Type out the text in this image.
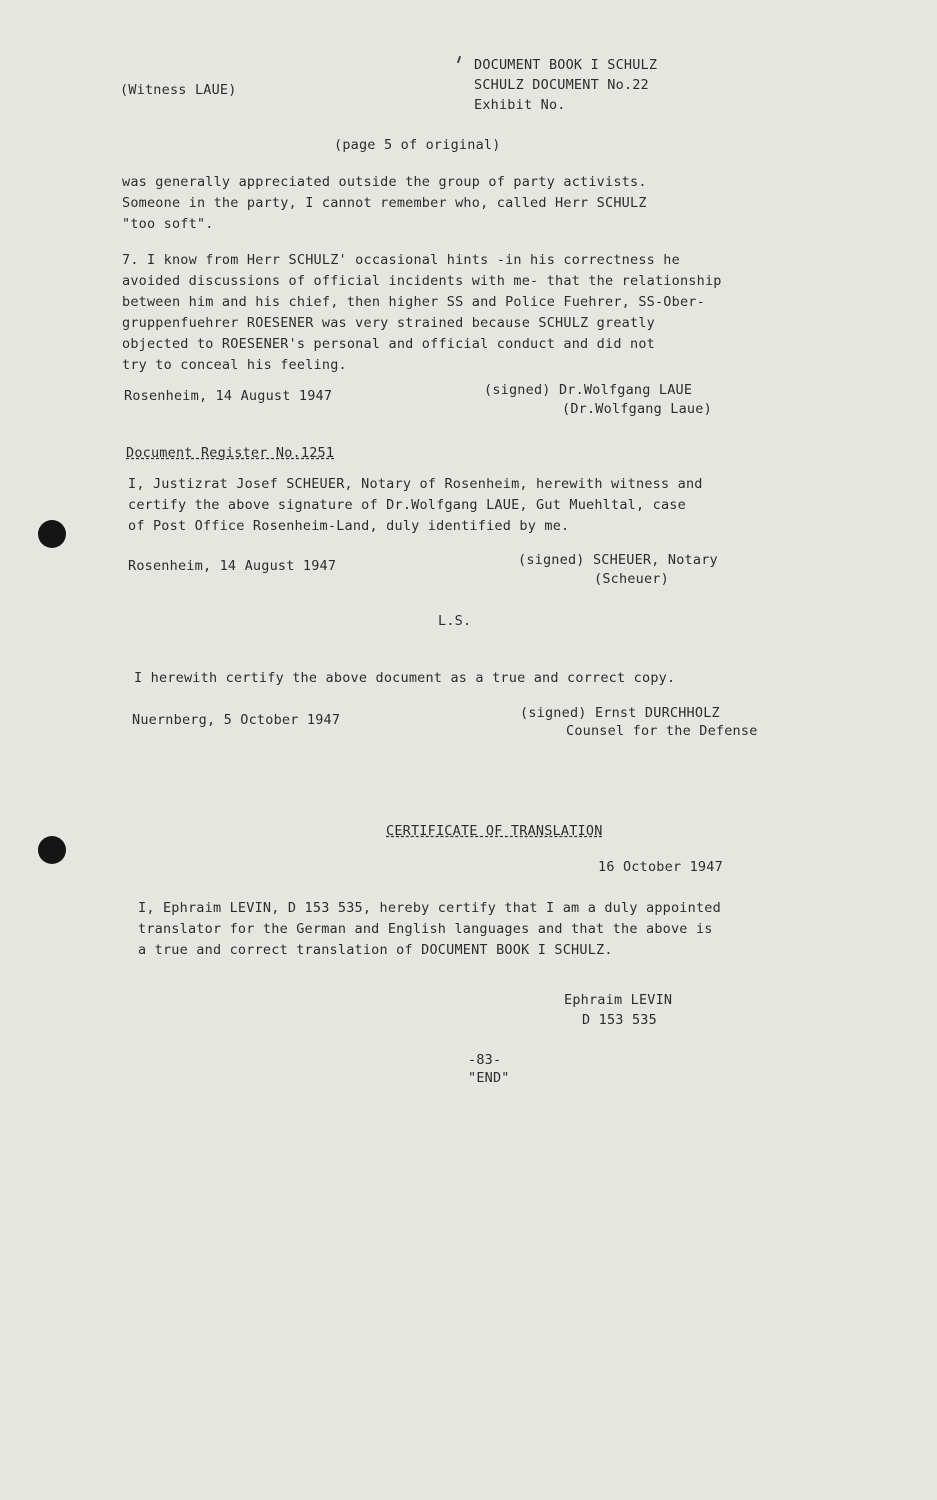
(Witness LAUE)
DOCUMENT BOOK I SCHULZ
SCHULZ DOCUMENT No.22
Exhibit No.
(page 5 of original)
was generally appreciated outside the group of party activists.
Someone in the party, I cannot remember who, called Herr SCHULZ
"too soft".
7. I know from Herr SCHULZ' occasional hints -in his correctness he
avoided discussions of official incidents with me- that the relationship
between him and his chief, then higher SS and Police Fuehrer, SS-Ober-
gruppenfuehrer ROESENER was very strained because SCHULZ greatly
objected to ROESENER's personal and official conduct and did not
try to conceal his feeling.
Rosenheim, 14 August 1947	(signed) Dr.Wolfgang LAUE
(Dr.Wolfgang Laue)
Document Register No.1251
I, Justizrat Josef SCHEUER, Notary of Rosenheim, herewith witness and
certify the above signature of Dr.Wolfgang LAUE, Gut Muehltal, case
of Post Office Rosenheim-Land, duly identified by me.
Rosenheim, 14 August 1947	(signed) SCHEUER, Notary
(Scheuer)
L.S.
I herewith certify the above document as a true and correct copy.
Nuernberg, 5 October 1947	(signed) Ernst DURCHHOLZ
Counsel for the Defense
CERTIFICATE OF TRANSLATION
16 October 1947
I, Ephraim LEVIN, D 153 535, hereby certify that I am a duly appointed
translator for the German and English languages and that the above is
a true and correct translation of DOCUMENT BOOK I SCHULZ.
Ephraim LEVIN
D 153 535
-83-
"END"
